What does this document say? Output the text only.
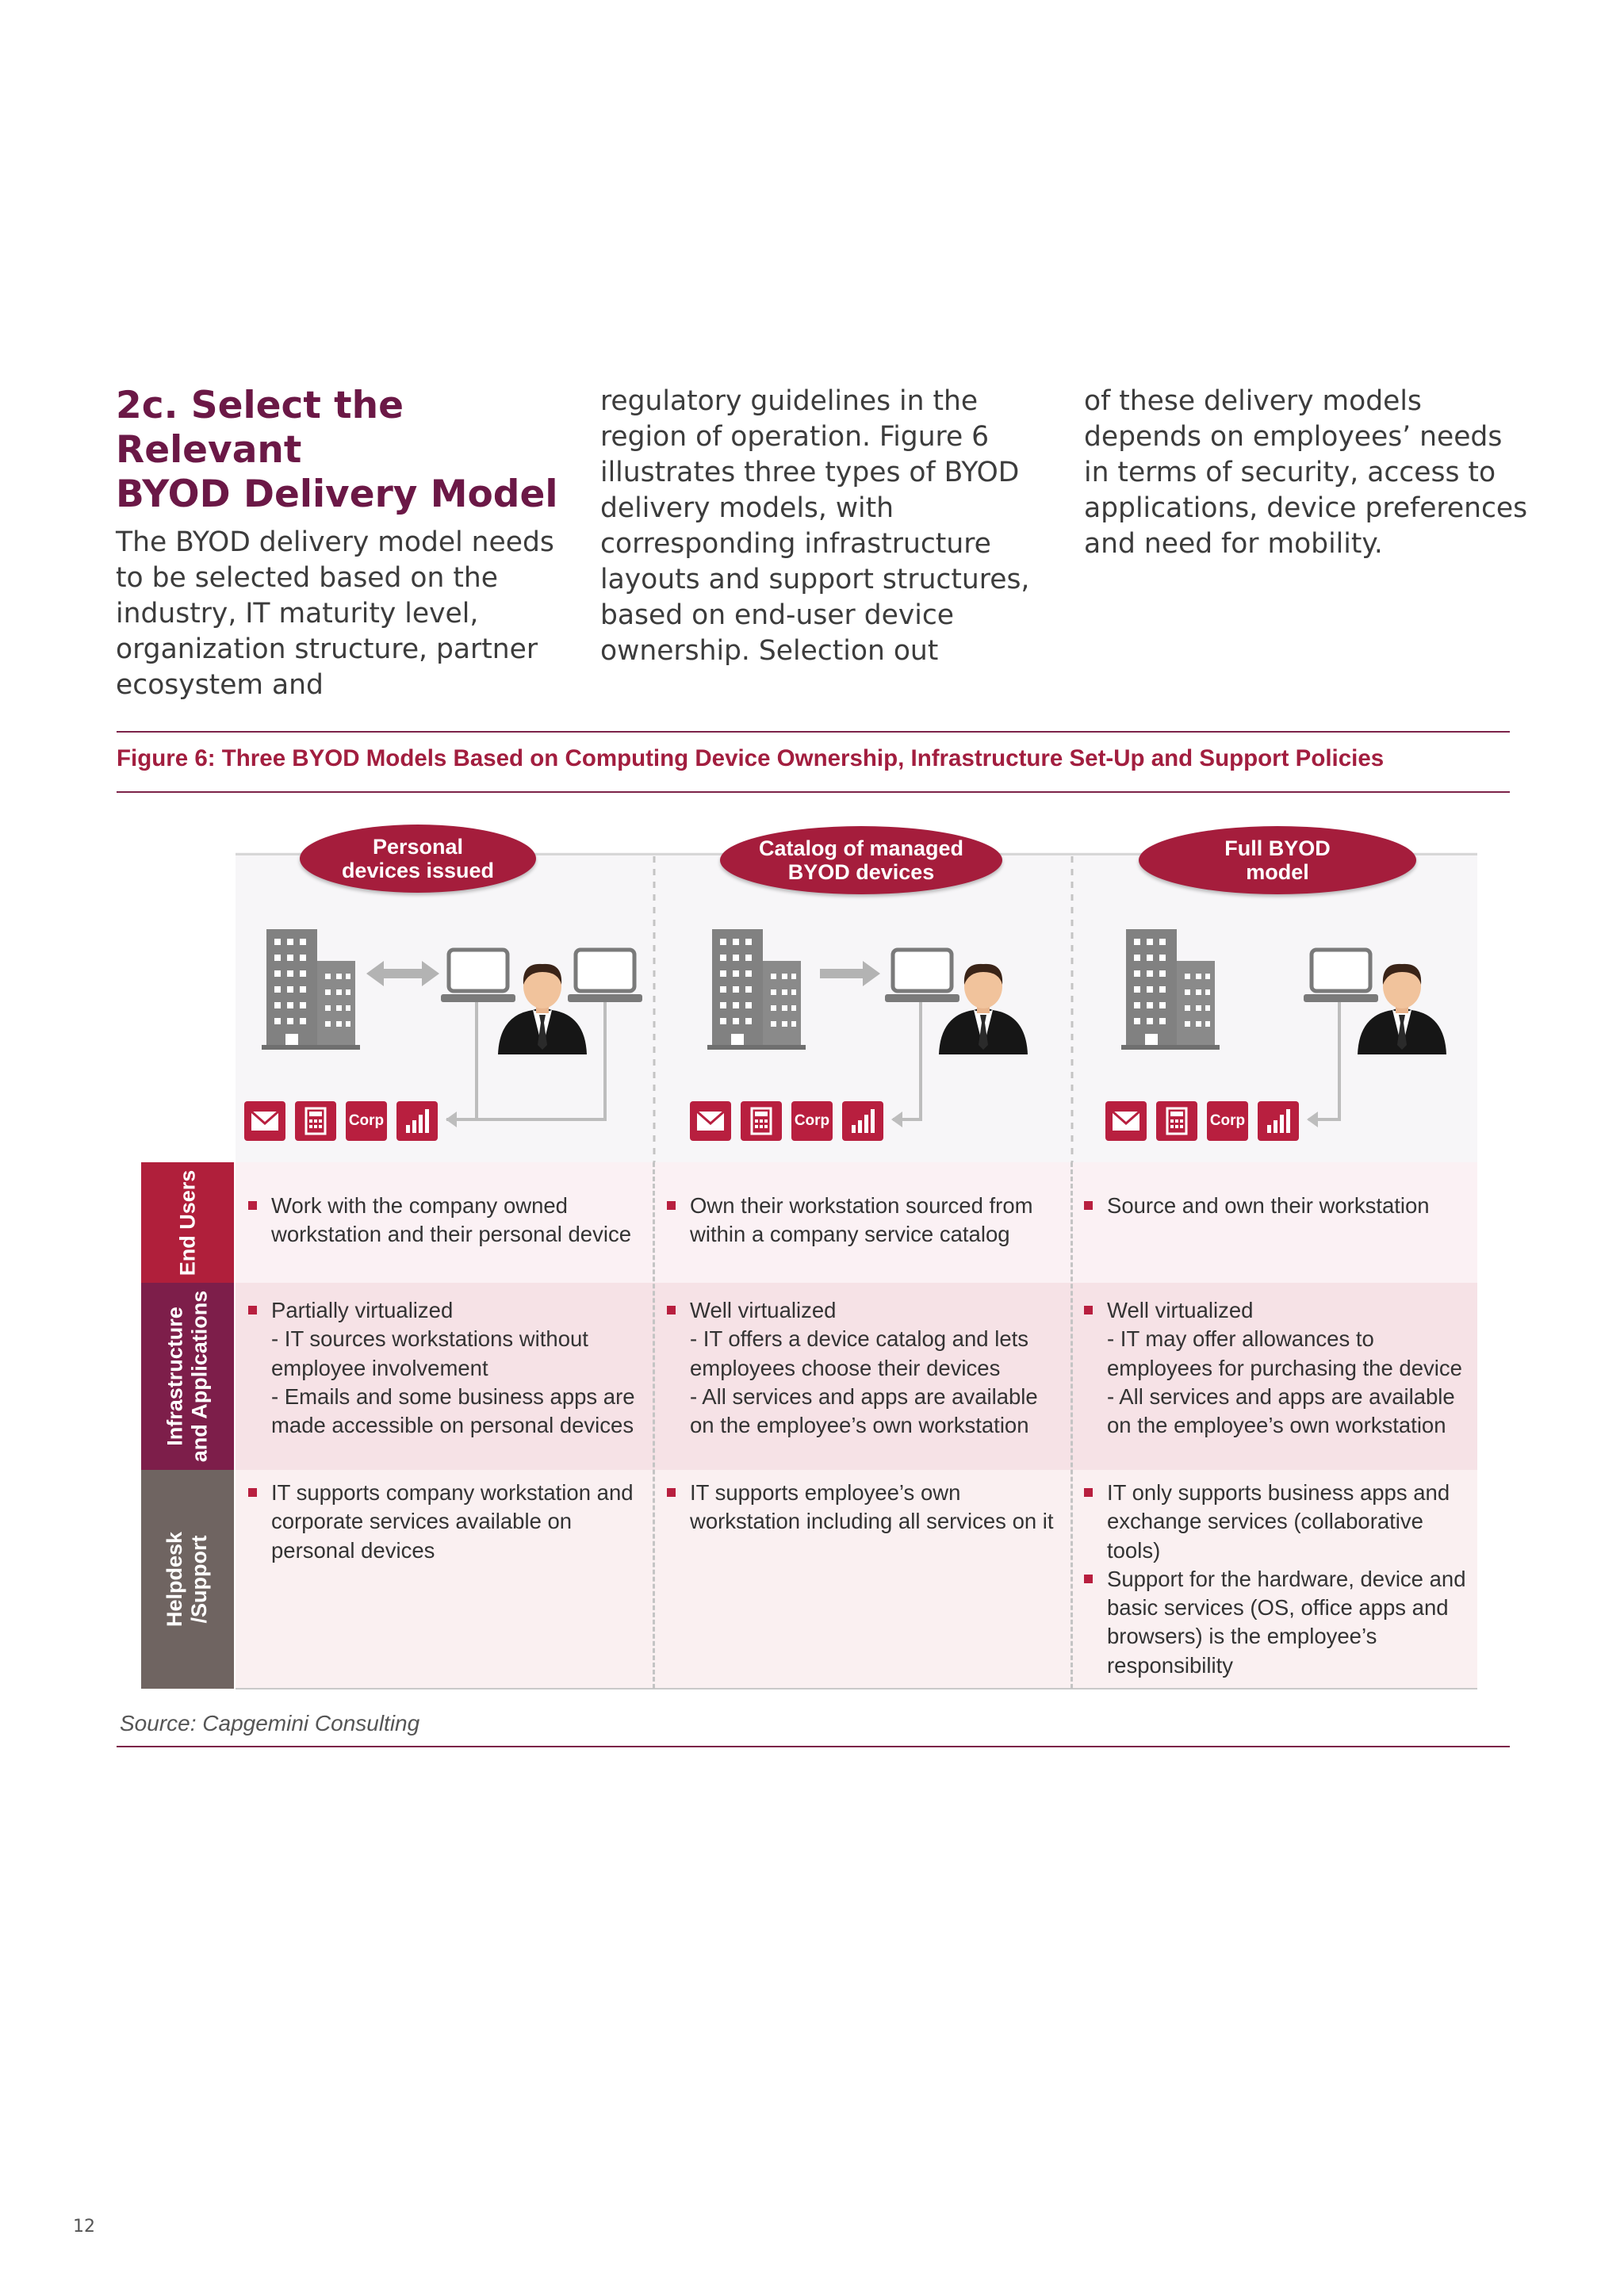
2c. Select the Relevant
BYOD Delivery Model

The BYOD delivery model needs to be selected based on the industry, IT maturity level, organization structure, partner ecosystem and

regulatory guidelines in the region of operation. Figure 6 illustrates three types of BYOD delivery models, with corresponding infrastructure layouts and support structures, based on end-user device ownership. Selection out

of these delivery models depends on employees’ needs in terms of security, access to applications, device preferences and need for mobility.

Figure 6: Three BYOD Models Based on Computing Device Ownership, Infrastructure Set-Up and Support Policies
Personal
devices issued
Catalog of managed
BYOD devices
Full BYOD
model
Corp	Corp	Corp
End Users
Infrastructure and Applications
Helpdesk /Support
Work with the company owned workstation and their personal device
Own their workstation sourced from within a company service catalog
Source and own their workstation
Partially virtualized
- IT sources workstations without employee involvement
- Emails and some business apps are made accessible on personal devices
Well virtualized
- IT offers a device catalog and lets employees choose their devices
- All services and apps are available on the employee’s own workstation
Well virtualized
- IT may offer allowances to employees for purchasing the device
- All services and apps are available on the employee’s own workstation
IT supports company workstation and corporate services available on personal devices
IT supports employee’s own workstation including all services on it
IT only supports business apps and exchange services (collaborative tools)
Support for the hardware, device and basic services (OS, office apps and browsers) is the employee’s responsibility
Source: Capgemini Consulting
12
